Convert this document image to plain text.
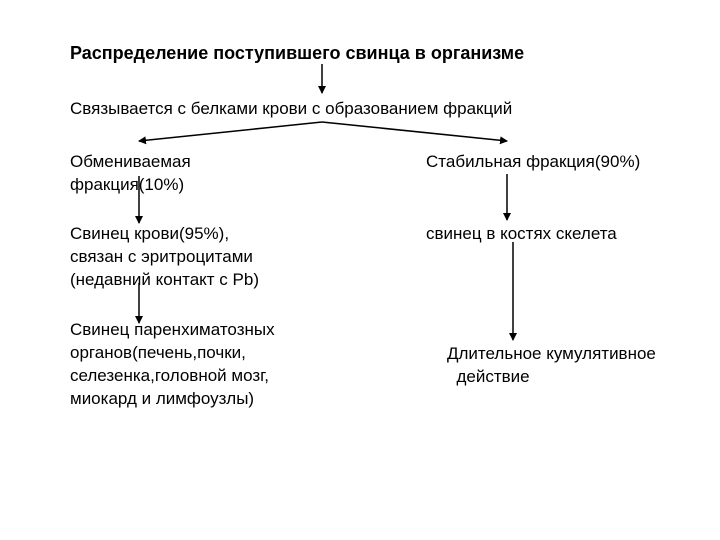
Распределение поступившего свинца в организме

Связывается с белками крови с образованием фракций

Обмениваемая
фракция(10%)

Стабильная фракция(90%)

Свинец крови(95%),
связан с эритроцитами
(недавний контакт с Pb)

свинец в костях скелета

Свинец паренхиматозных
органов(печень,почки,
селезенка,головной мозг,
миокард и лимфоузлы)

Длительное кумулятивное
действие
